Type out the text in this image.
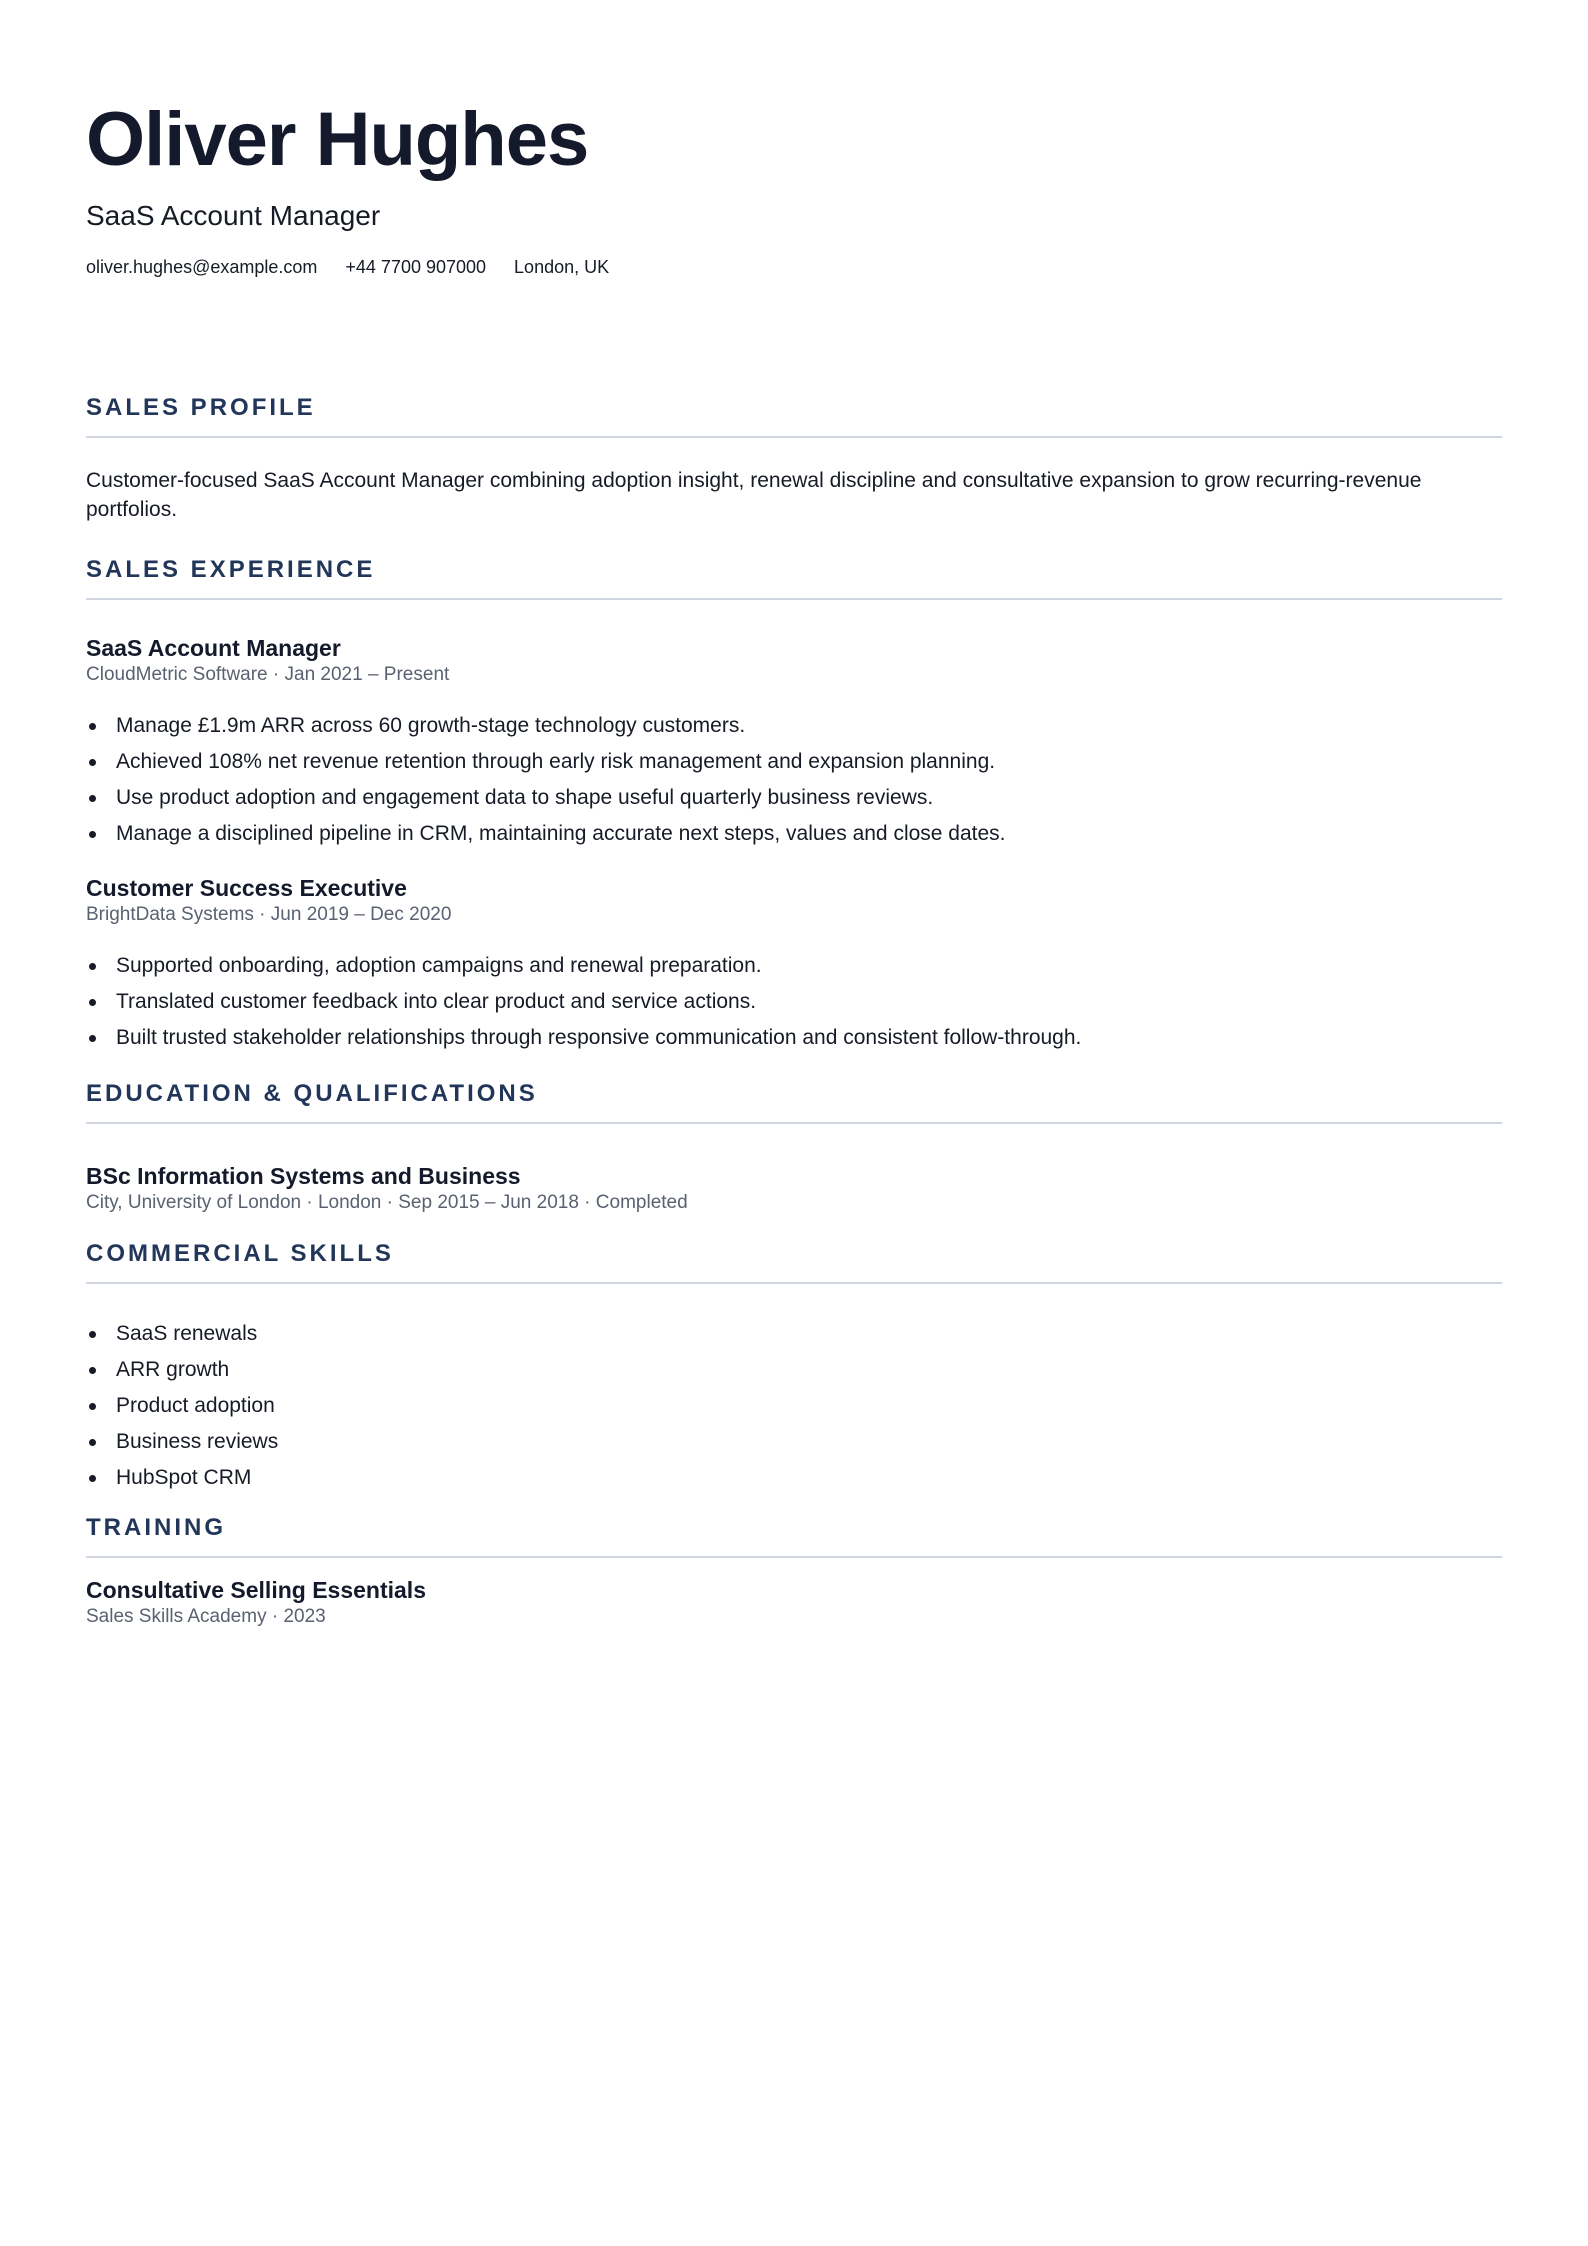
Oliver Hughes
SaaS Account Manager
oliver.hughes@example.com +44 7700 907000 London, UK
SALES PROFILE
Customer-focused SaaS Account Manager combining adoption insight, renewal discipline and consultative expansion to grow recurring-revenue portfolios.
SALES EXPERIENCE
SaaS Account Manager
CloudMetric Software · Jan 2021 – Present
Manage £1.9m ARR across 60 growth-stage technology customers.
Achieved 108% net revenue retention through early risk management and expansion planning.
Use product adoption and engagement data to shape useful quarterly business reviews.
Manage a disciplined pipeline in CRM, maintaining accurate next steps, values and close dates.
Customer Success Executive
BrightData Systems · Jun 2019 – Dec 2020
Supported onboarding, adoption campaigns and renewal preparation.
Translated customer feedback into clear product and service actions.
Built trusted stakeholder relationships through responsive communication and consistent follow-through.
EDUCATION & QUALIFICATIONS
BSc Information Systems and Business
City, University of London · London · Sep 2015 – Jun 2018 · Completed
COMMERCIAL SKILLS
SaaS renewals
ARR growth
Product adoption
Business reviews
HubSpot CRM
TRAINING
Consultative Selling Essentials
Sales Skills Academy · 2023
